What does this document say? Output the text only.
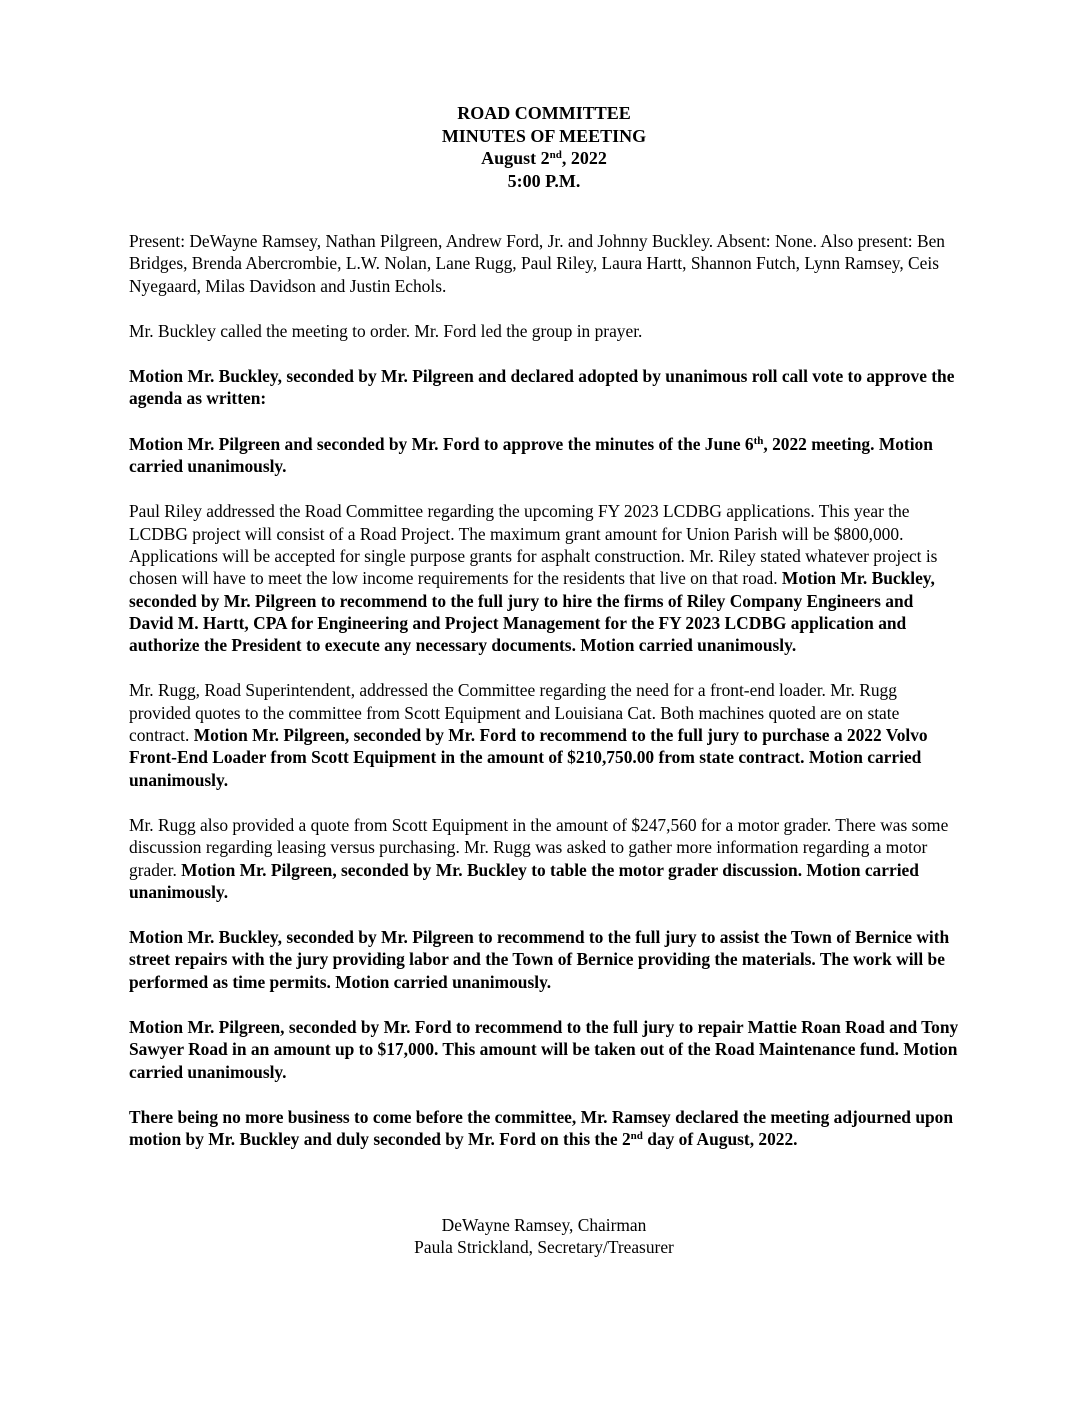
ROAD COMMITTEE
MINUTES OF MEETING
August 2nd, 2022
5:00 P.M.

Present: DeWayne Ramsey, Nathan Pilgreen, Andrew Ford, Jr. and Johnny Buckley. Absent: None. Also present: Ben Bridges, Brenda Abercrombie, L.W. Nolan, Lane Rugg, Paul Riley, Laura Hartt, Shannon Futch, Lynn Ramsey, Ceis Nyegaard, Milas Davidson and Justin Echols.

Mr. Buckley called the meeting to order. Mr. Ford led the group in prayer.

Motion Mr. Buckley, seconded by Mr. Pilgreen and declared adopted by unanimous roll call vote to approve the agenda as written:

Motion Mr. Pilgreen and seconded by Mr. Ford to approve the minutes of the June 6th, 2022 meeting. Motion carried unanimously.

Paul Riley addressed the Road Committee regarding the upcoming FY 2023 LCDBG applications. This year the LCDBG project will consist of a Road Project. The maximum grant amount for Union Parish will be $800,000. Applications will be accepted for single purpose grants for asphalt construction. Mr. Riley stated whatever project is chosen will have to meet the low income requirements for the residents that live on that road. Motion Mr. Buckley, seconded by Mr. Pilgreen to recommend to the full jury to hire the firms of Riley Company Engineers and David M. Hartt, CPA for Engineering and Project Management for the FY 2023 LCDBG application and authorize the President to execute any necessary documents. Motion carried unanimously.

Mr. Rugg, Road Superintendent, addressed the Committee regarding the need for a front-end loader. Mr. Rugg provided quotes to the committee from Scott Equipment and Louisiana Cat. Both machines quoted are on state contract. Motion Mr. Pilgreen, seconded by Mr. Ford to recommend to the full jury to purchase a 2022 Volvo Front-End Loader from Scott Equipment in the amount of $210,750.00 from state contract. Motion carried unanimously.

Mr. Rugg also provided a quote from Scott Equipment in the amount of $247,560 for a motor grader. There was some discussion regarding leasing versus purchasing. Mr. Rugg was asked to gather more information regarding a motor grader. Motion Mr. Pilgreen, seconded by Mr. Buckley to table the motor grader discussion. Motion carried unanimously.

Motion Mr. Buckley, seconded by Mr. Pilgreen to recommend to the full jury to assist the Town of Bernice with street repairs with the jury providing labor and the Town of Bernice providing the materials. The work will be performed as time permits. Motion carried unanimously.

Motion Mr. Pilgreen, seconded by Mr. Ford to recommend to the full jury to repair Mattie Roan Road and Tony Sawyer Road in an amount up to $17,000. This amount will be taken out of the Road Maintenance fund. Motion carried unanimously.

There being no more business to come before the committee, Mr. Ramsey declared the meeting adjourned upon motion by Mr. Buckley and duly seconded by Mr. Ford on this the 2nd day of August, 2022.

DeWayne Ramsey, Chairman
Paula Strickland, Secretary/Treasurer
